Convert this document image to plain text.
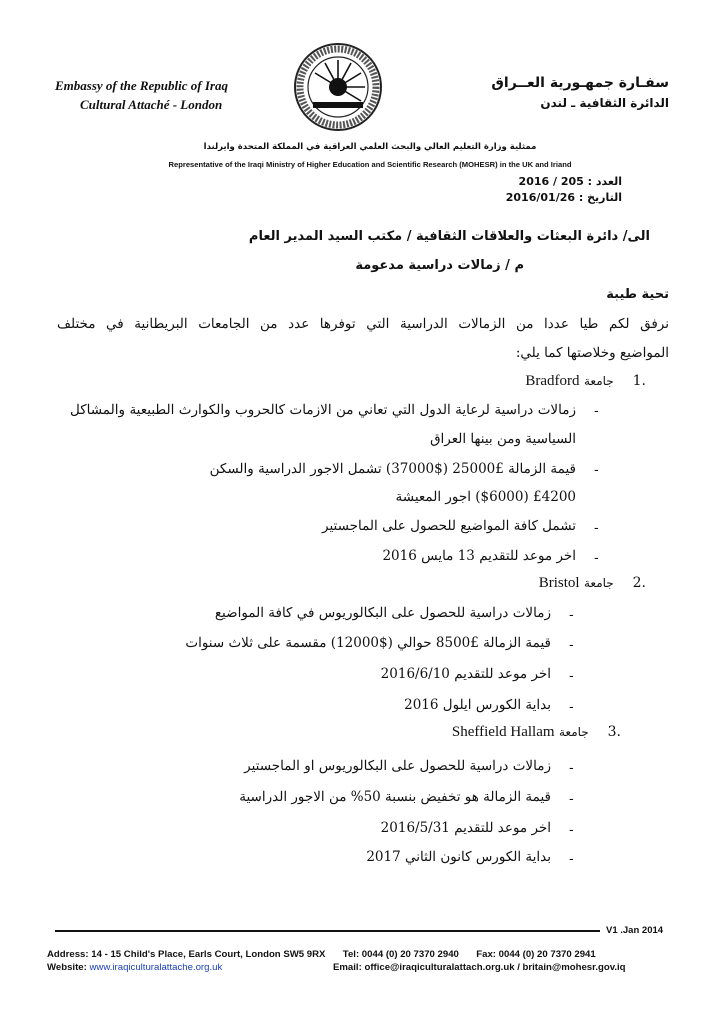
Embassy of the Republic of Iraq
Cultural Attaché - London
سفـارة جمهـورية العــراق
الدائرة الثقافية ـ لندن
ممثلية وزارة التعليم العالي والبحث العلمي العراقية في المملكة المتحدة وايرلندا
Representative of the Iraqi Ministry of Higher Education and Scientific Research (MOHESR) in the UK and Iriand
العدد : 205 / 2016
التاريخ : 2016/01/26
الى/ دائرة البعثات والعلاقات الثقافية / مكتب السيد المدير العام
م / زمالات دراسية مدعومة
تحية طيبة
نرفق لكم طيا عددا من الزمالات الدراسية التي توفرها عدد من الجامعات البريطانية في مختلف
المواضيع وخلاصتها كما يلي:
.1  جامعة Bradford
-
زمالات دراسية لرعاية الدول التي تعاني من الازمات كالحروب والكوارث الطبيعية والمشاكل
السياسية ومن بينها العراق
-
قيمة الزمالة £25000 ($37000) تشمل الاجور الدراسية والسكن
£4200 ($6000) اجور المعيشة
-
تشمل كافة المواضيع للحصول على الماجستير
-
اخر موعد للتقديم 13 مايس 2016
.2  جامعة Bristol
-
زمالات دراسية للحصول على البكالوريوس في كافة المواضيع
-
قيمة الزمالة £8500 حوالي ($12000) مقسمة على ثلاث سنوات
-
اخر موعد للتقديم 2016/6/10
-
بداية الكورس ايلول 2016
.3  جامعة Sheffield Hallam
-
زمالات دراسية للحصول على البكالوريوس او الماجستير
-
قيمة الزمالة هو تخفيض بنسبة 50% من الاجور الدراسية
-
اخر موعد للتقديم 2016/5/31
-
بداية الكورس كانون الثاني 2017
V1 .Jan 2014
Address: 14 - 15 Child's Place, Earls Court, London SW5 9RX Tel: 0044 (0) 20 7370 2940 Fax: 0044 (0) 20 7370 2941
Website: www.iraqiculturalattache.org.uk	Email: office@iraqiculturalattach.org.uk / britain@mohesr.gov.iq
